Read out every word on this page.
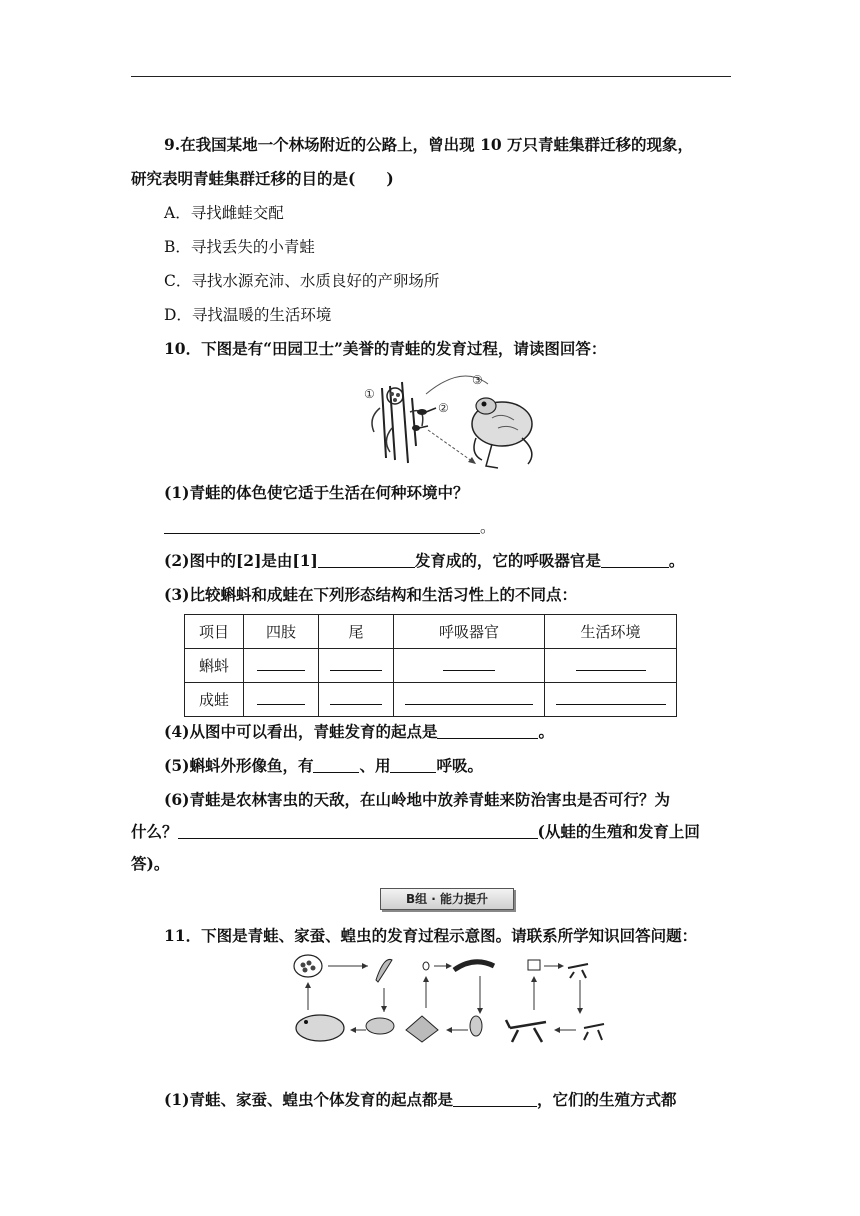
9.在我国某地一个林场附近的公路上，曾出现 10 万只青蛙集群迁移的现象，
研究表明青蛙集群迁移的目的是(　　)
A．寻找雌蛙交配
B．寻找丢失的小青蛙
C．寻找水源充沛、水质良好的产卵场所
D．寻找温暖的生活环境
10．下图是有“田园卫士”美誉的青蛙的发育过程，请读图回答：
①
②
③
(1)青蛙的体色使它适于生活在何种环境中？
。
(2)图中的[2]是由[1]	发育成的，它的呼吸器官是	。
(3)比较蝌蚪和成蛙在下列形态结构和生活习性上的不同点：
项目	四肢	尾	呼吸器官	生活环境
蝌蚪				
成蛙				
(4)从图中可以看出，青蛙发育的起点是	。
(5)蝌蚪外形像鱼，有	、用	呼吸。
(6)青蛙是农林害虫的天敌，在山岭地中放养青蛙来防治害虫是否可行？为
什么？	(从蛙的生殖和发育上回
答)。
B组 · 能力提升
11．下图是青蛙、家蚕、蝗虫的发育过程示意图。请联系所学知识回答问题：
(1)青蛙、家蚕、蝗虫个体发育的起点都是	，它们的生殖方式都
